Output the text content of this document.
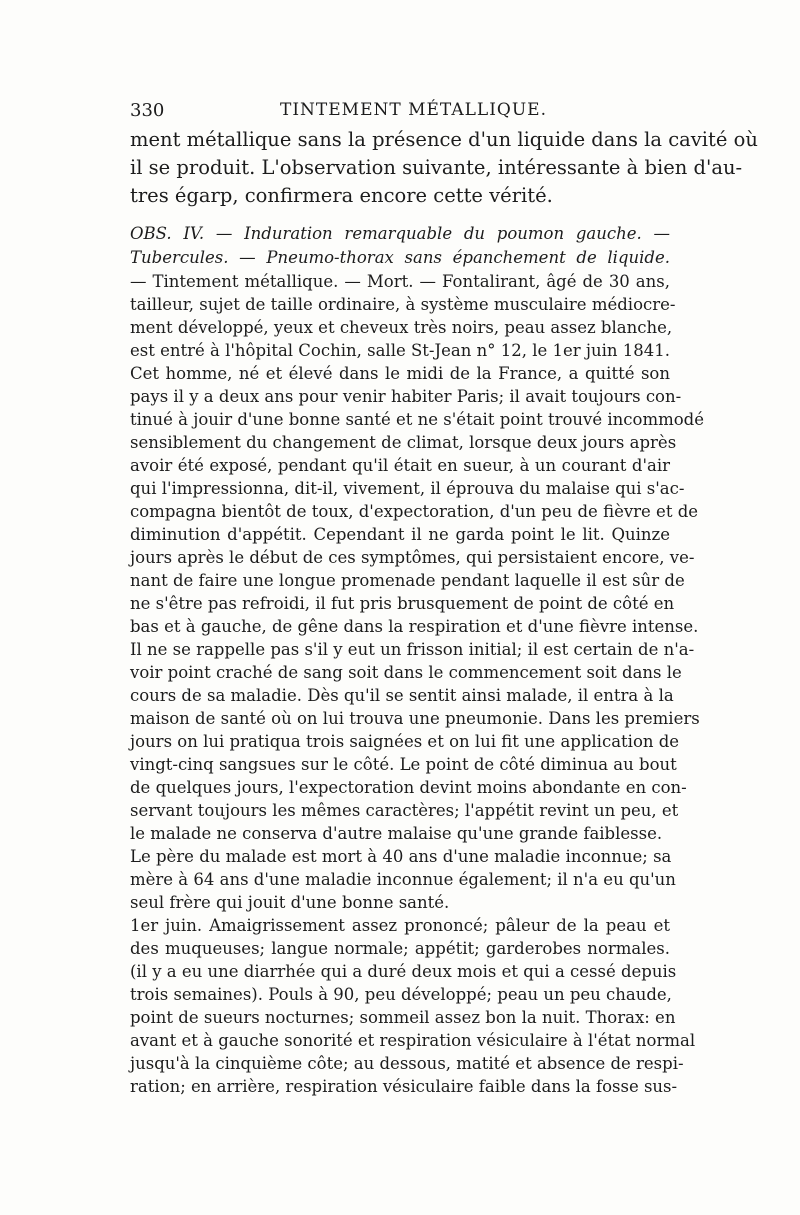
330	TINTEMENT MÉTALLIQUE.
ment métallique sans la présence d'un liquide dans la cavité où
il se produit. L'observation suivante, intéressante à bien d'au-
tres égarp, confirmera encore cette vérité.
OBS. IV. — Induration remarquable du poumon gauche. —
Tubercules. — Pneumo-thorax sans épanchement de liquide.
— Tintement métallique. — Mort. — Fontalirant, âgé de 30 ans,
tailleur, sujet de taille ordinaire, à système musculaire médiocre-
ment développé, yeux et cheveux très noirs, peau assez blanche,
est entré à l'hôpital Cochin, salle St-Jean n° 12, le 1er juin 1841.
Cet homme, né et élevé dans le midi de la France, a quitté son
pays il y a deux ans pour venir habiter Paris; il avait toujours con-
tinué à jouir d'une bonne santé et ne s'était point trouvé incommodé
sensiblement du changement de climat, lorsque deux jours après
avoir été exposé, pendant qu'il était en sueur, à un courant d'air
qui l'impressionna, dit-il, vivement, il éprouva du malaise qui s'ac-
compagna bientôt de toux, d'expectoration, d'un peu de fièvre et de
diminution d'appétit. Cependant il ne garda point le lit. Quinze
jours après le début de ces symptômes, qui persistaient encore, ve-
nant de faire une longue promenade pendant laquelle il est sûr de
ne s'être pas refroidi, il fut pris brusquement de point de côté en
bas et à gauche, de gêne dans la respiration et d'une fièvre intense.
Il ne se rappelle pas s'il y eut un frisson initial; il est certain de n'a-
voir point craché de sang soit dans le commencement soit dans le
cours de sa maladie. Dès qu'il se sentit ainsi malade, il entra à la
maison de santé où on lui trouva une pneumonie. Dans les premiers
jours on lui pratiqua trois saignées et on lui fit une application de
vingt-cinq sangsues sur le côté. Le point de côté diminua au bout
de quelques jours, l'expectoration devint moins abondante en con-
servant toujours les mêmes caractères; l'appétit revint un peu, et
le malade ne conserva d'autre malaise qu'une grande faiblesse.
Le père du malade est mort à 40 ans d'une maladie inconnue; sa
mère à 64 ans d'une maladie inconnue également; il n'a eu qu'un
seul frère qui jouit d'une bonne santé.
1er juin. Amaigrissement assez prononcé; pâleur de la peau et
des muqueuses; langue normale; appétit; garderobes normales.
(il y a eu une diarrhée qui a duré deux mois et qui a cessé depuis
trois semaines). Pouls à 90, peu développé; peau un peu chaude,
point de sueurs nocturnes; sommeil assez bon la nuit. Thorax: en
avant et à gauche sonorité et respiration vésiculaire à l'état normal
jusqu'à la cinquième côte; au dessous, matité et absence de respi-
ration; en arrière, respiration vésiculaire faible dans la fosse sus-
